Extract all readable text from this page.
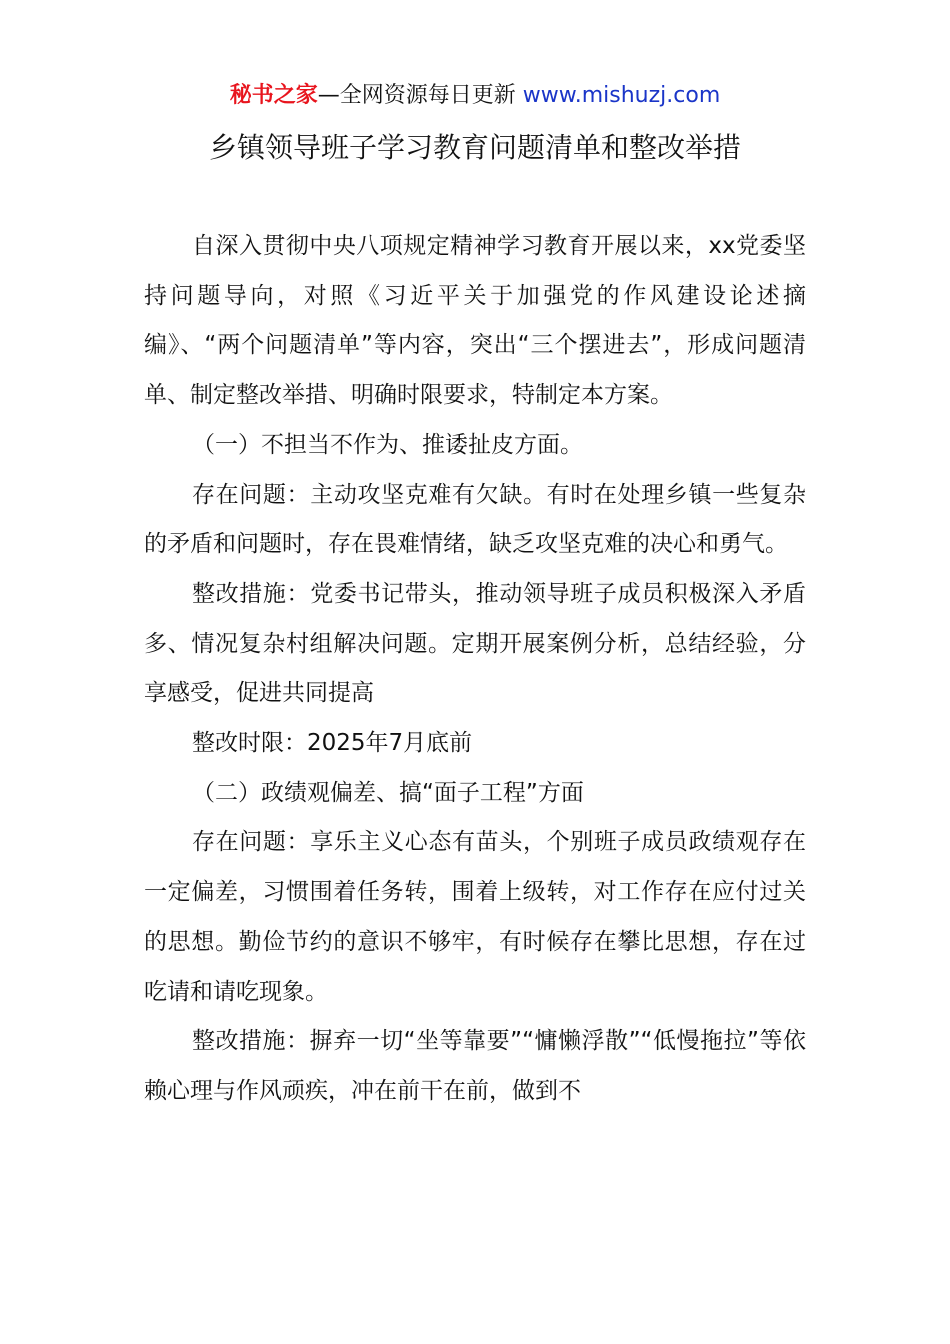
秘书之家—全网资源每日更新 www.mishuzj.com
乡镇领导班子学习教育问题清单和整改举措

自深入贯彻中央八项规定精神学习教育开展以来，xx党委坚持问题导向，对照《习近平关于加强党的作风建设论述摘编》、“两个问题清单”等内容，突出“三个摆进去”，形成问题清单、制定整改举措、明确时限要求，特制定本方案。

（一）不担当不作为、推诿扯皮方面。

存在问题：主动攻坚克难有欠缺。有时在处理乡镇一些复杂的矛盾和问题时，存在畏难情绪，缺乏攻坚克难的决心和勇气。

整改措施：党委书记带头，推动领导班子成员积极深入矛盾多、情况复杂村组解决问题。定期开展案例分析，总结经验，分享感受，促进共同提高

整改时限：2025年7月底前

（二）政绩观偏差、搞“面子工程”方面

存在问题：享乐主义心态有苗头，个别班子成员政绩观存在一定偏差，习惯围着任务转，围着上级转，对工作存在应付过关的思想。勤俭节约的意识不够牢，有时候存在攀比思想，存在过吃请和请吃现象。

整改措施：摒弃一切“坐等靠要”“慵懒浮散”“低慢拖拉”等依赖心理与作风顽疾，冲在前干在前，做到不
